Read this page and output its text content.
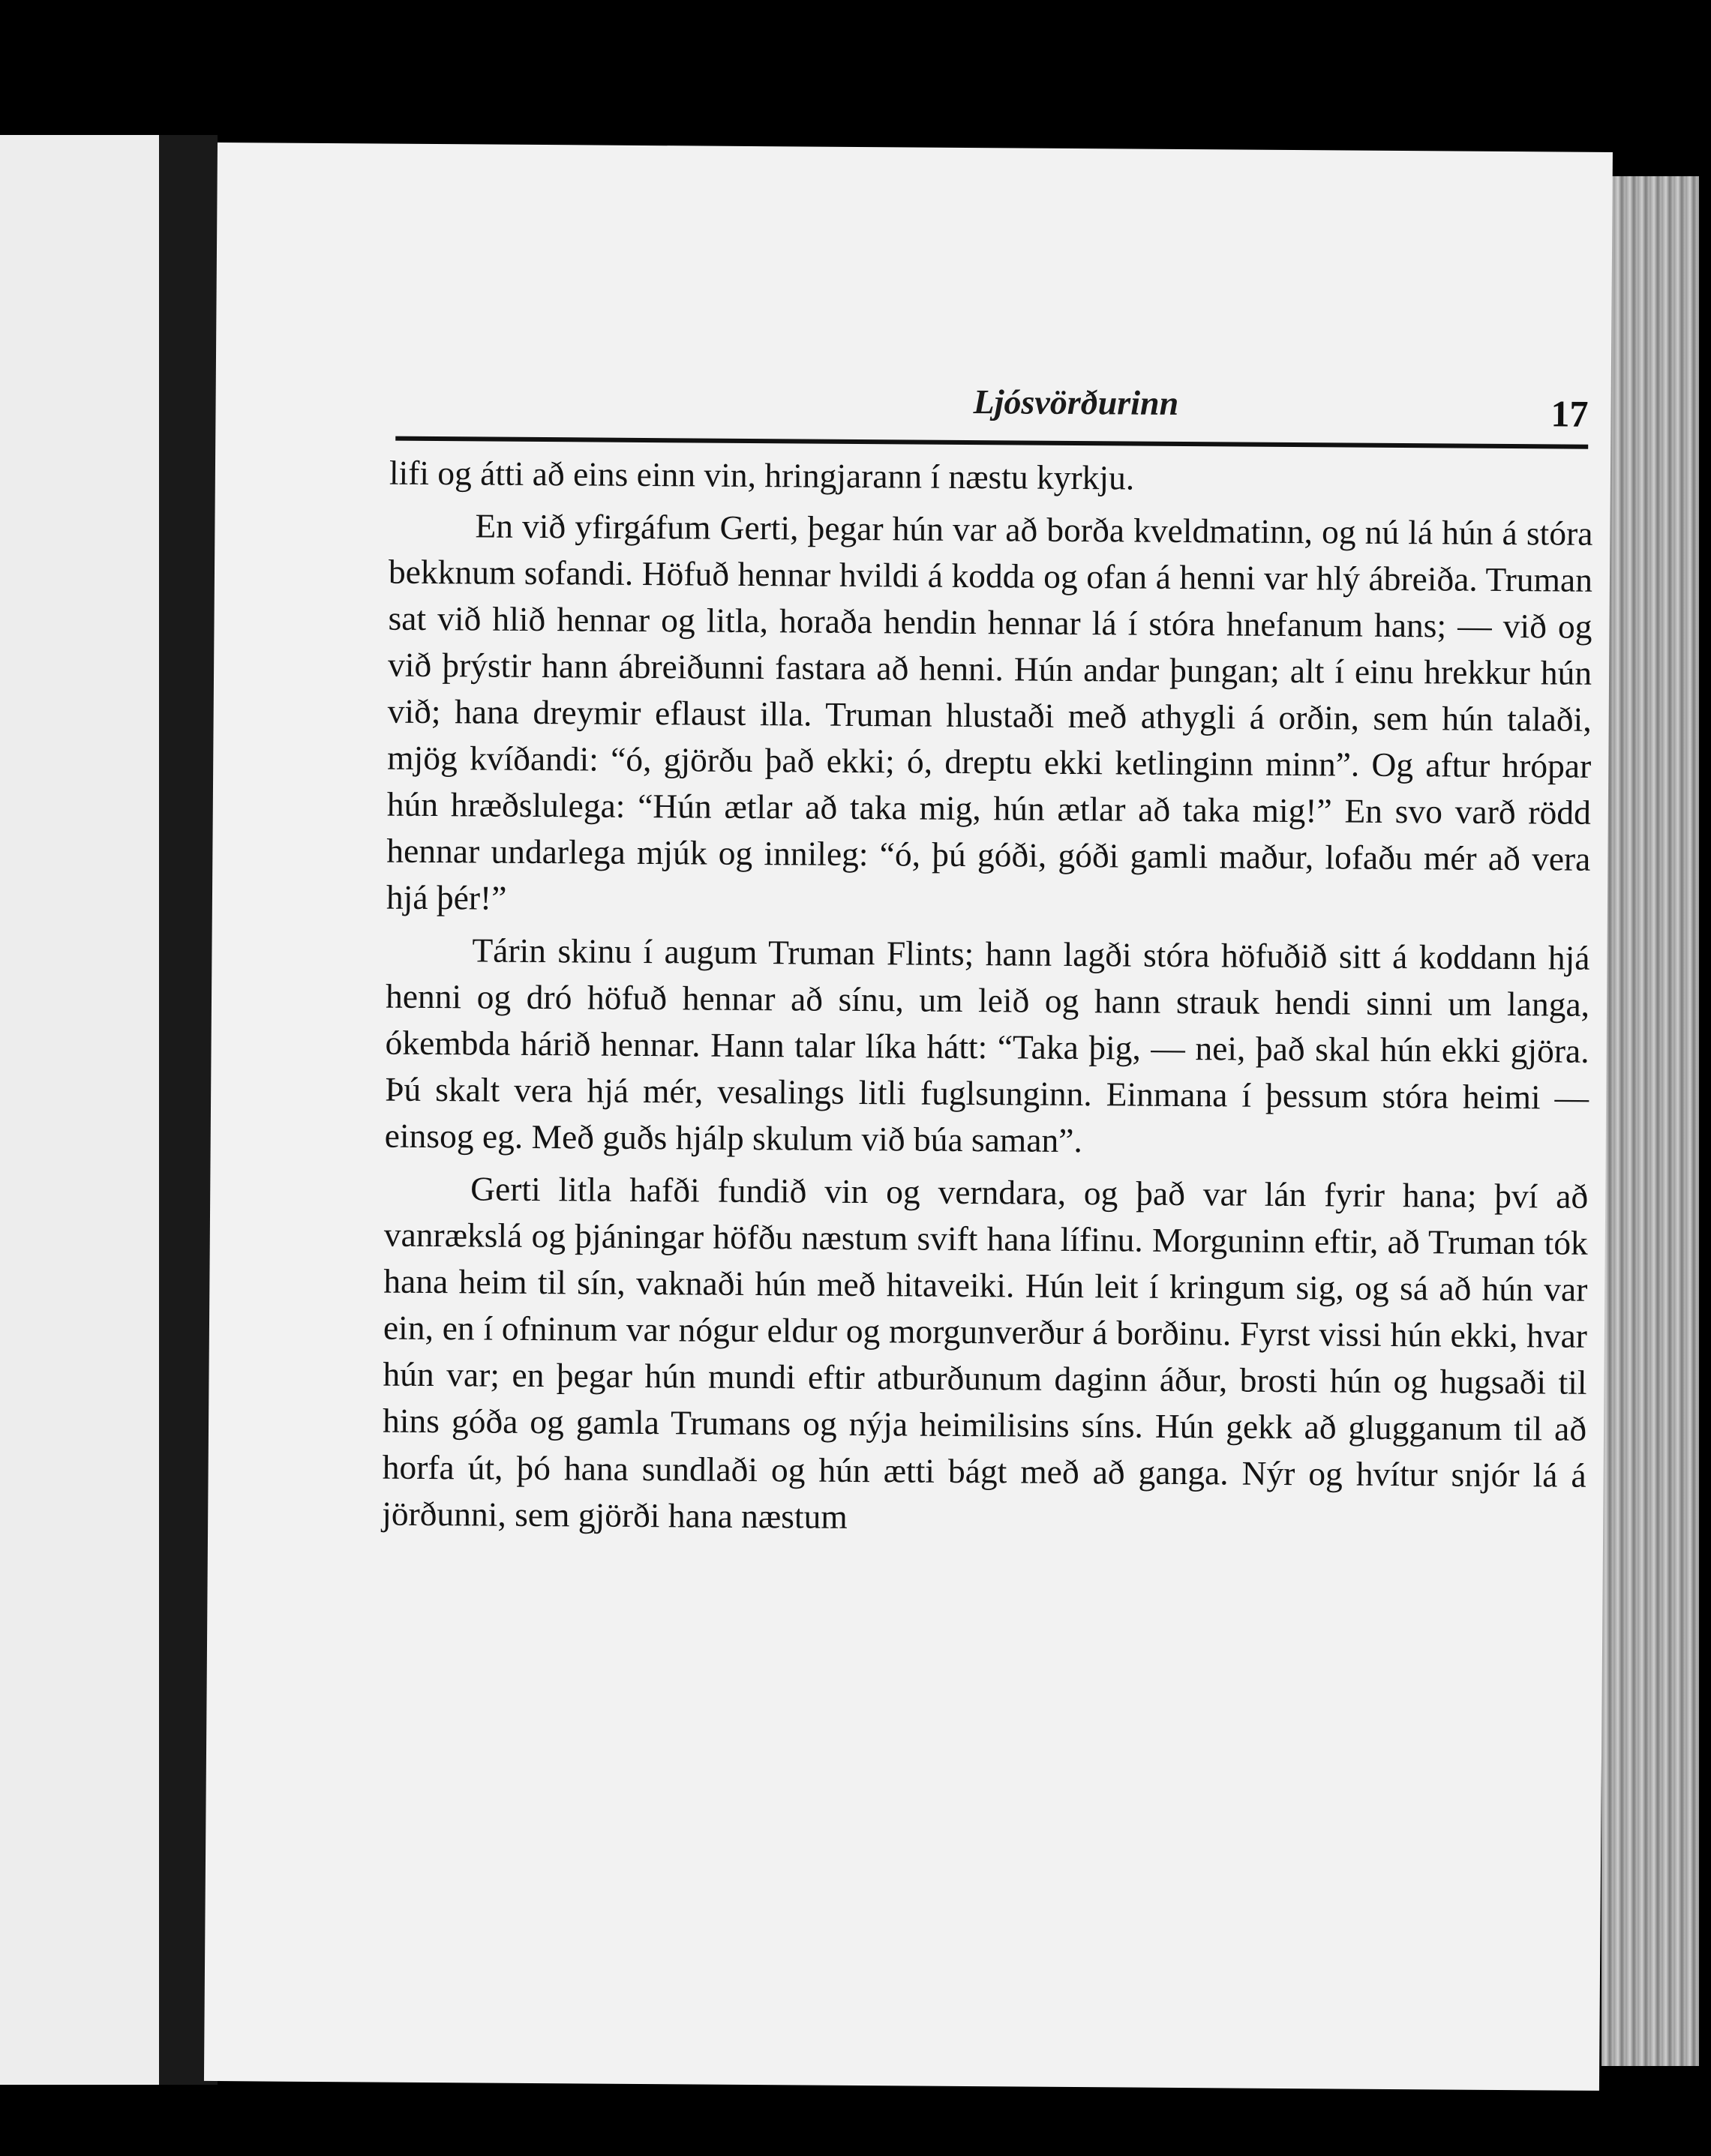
Ljósvörðurinn	17

lifi og átti að eins einn vin, hringjarann í næstu kyrkju.

En við yfirgáfum Gerti, þegar hún var að borða kveldmatinn, og nú lá hún á stóra bekknum sofandi. Höfuð hennar hvildi á kodda og ofan á henni var hlý ábreiða. Truman sat við hlið hennar og litla, horaða hendin hennar lá í stóra hnefanum hans; — við og við þrýstir hann ábreiðunni fastara að henni. Hún andar þungan; alt í einu hrekkur hún við; hana dreymir eflaust illa. Truman hlustaði með athygli á orðin, sem hún talaði, mjög kvíðandi: “ó, gjörðu það ekki; ó, dreptu ekki ketlinginn minn”. Og aftur hrópar hún hræðslulega: “Hún ætlar að taka mig, hún ætlar að taka mig!” En svo varð rödd hennar undarlega mjúk og innileg: “ó, þú góði, góði gamli maður, lofaðu mér að vera hjá þér!”

Tárin skinu í augum Truman Flints; hann lagði stóra höfuðið sitt á koddann hjá henni og dró höfuð hennar að sínu, um leið og hann strauk hendi sinni um langa, ókembda hárið hennar. Hann talar líka hátt: “Taka þig, — nei, það skal hún ekki gjöra. Þú skalt vera hjá mér, vesalings litli fuglsunginn. Einmana í þessum stóra heimi — einsog eg. Með guðs hjálp skulum við búa saman”.

Gerti litla hafði fundið vin og verndara, og það var lán fyrir hana; því að vanrækslá og þjáningar höfðu næstum svift hana lífinu. Morguninn eftir, að Truman tók hana heim til sín, vaknaði hún með hitaveiki. Hún leit í kringum sig, og sá að hún var ein, en í ofninum var nógur eldur og morgunverður á borðinu. Fyrst vissi hún ekki, hvar hún var; en þegar hún mundi eftir atburðunum daginn áður, brosti hún og hugsaði til hins góða og gamla Trumans og nýja heimilisins síns. Hún gekk að glugganum til að horfa út, þó hana sundlaði og hún ætti bágt með að ganga. Nýr og hvítur snjór lá á jörðunni, sem gjörði hana næstum
